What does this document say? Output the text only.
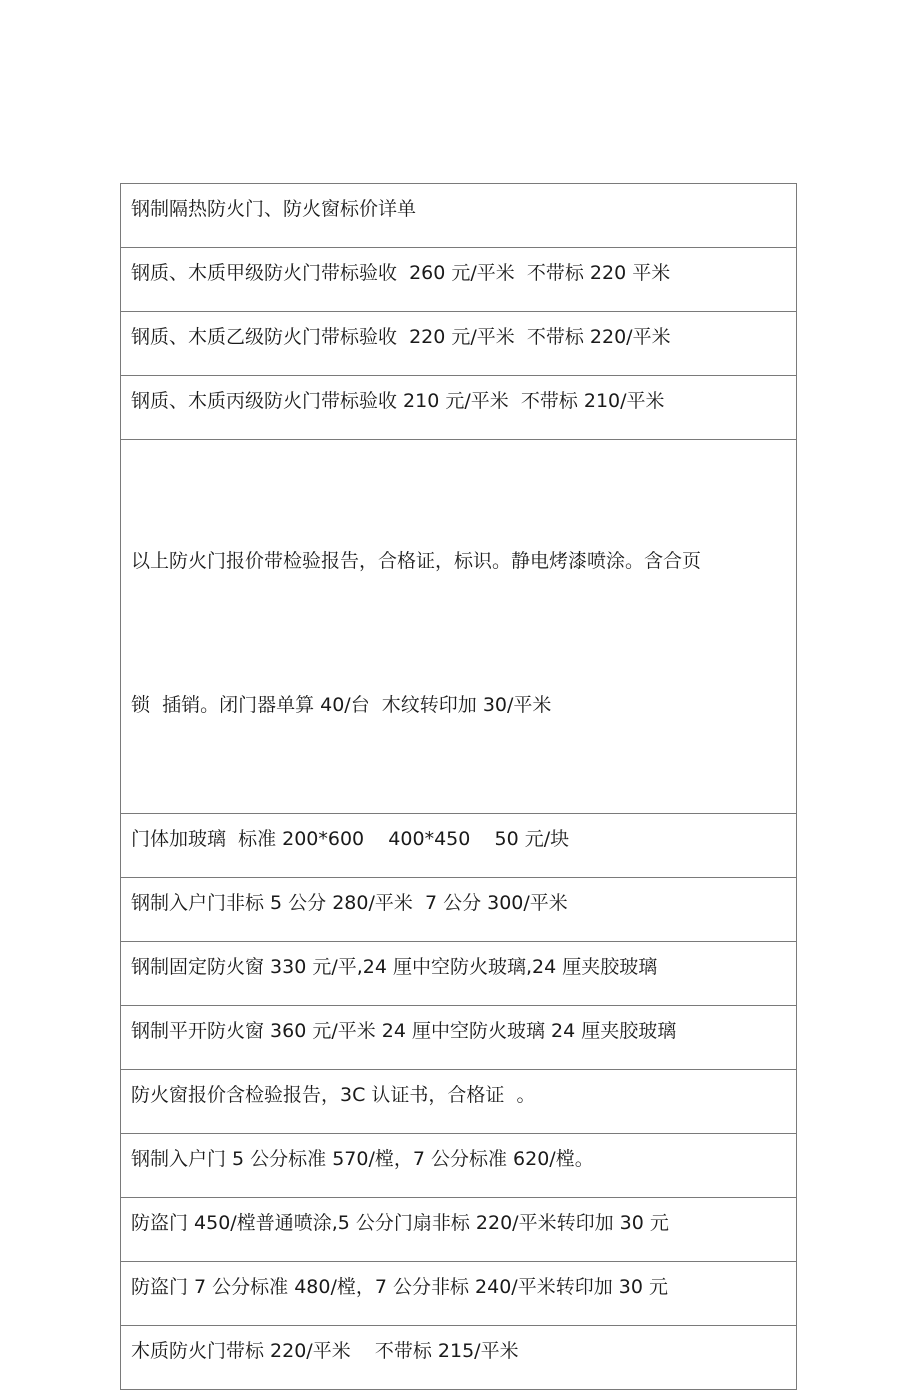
钢制隔热防火门、防火窗标价详单
钢质、木质甲级防火门带标验收  260 元/平米  不带标 220 平米
钢质、木质乙级防火门带标验收  220 元/平米  不带标 220/平米
钢质、木质丙级防火门带标验收 210 元/平米  不带标 210/平米

以上防火门报价带检验报告，合格证，标识。静电烤漆喷涂。含合页

锁  插销。闭门器单算 40/台  木纹转印加 30/平米

门体加玻璃  标准 200*600    400*450    50 元/块
钢制入户门非标 5 公分 280/平米  7 公分 300/平米
钢制固定防火窗 330 元/平,24 厘中空防火玻璃,24 厘夹胶玻璃
钢制平开防火窗 360 元/平米 24 厘中空防火玻璃 24 厘夹胶玻璃
防火窗报价含检验报告，3C 认证书，合格证  。
钢制入户门 5 公分标准 570/樘，7 公分标准 620/樘。
防盗门 450/樘普通喷涂,5 公分门扇非标 220/平米转印加 30 元
防盗门 7 公分标准 480/樘，7 公分非标 240/平米转印加 30 元
木质防火门带标 220/平米    不带标 215/平米
